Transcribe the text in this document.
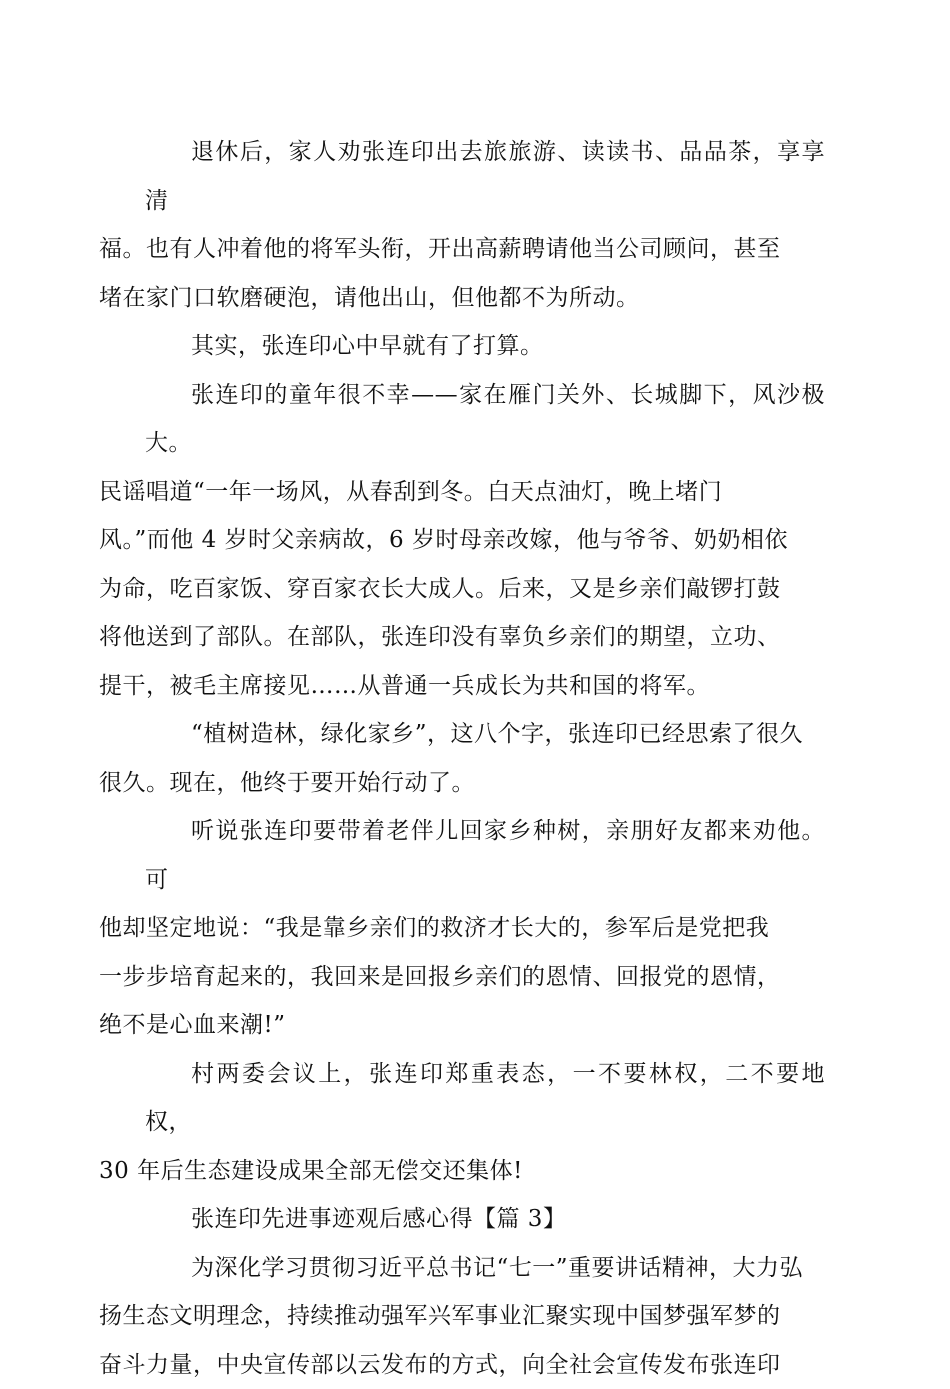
退休后，家人劝张连印出去旅旅游、读读书、品品茶，享享清
福。也有人冲着他的将军头衔，开出高薪聘请他当公司顾问，甚至
堵在家门口软磨硬泡，请他出山，但他都不为所动。

其实，张连印心中早就有了打算。

张连印的童年很不幸——家在雁门关外、长城脚下，风沙极大。
民谣唱道“一年一场风，从春刮到冬。白天点油灯，晚上堵门
风。”而他 4 岁时父亲病故，6 岁时母亲改嫁，他与爷爷、奶奶相依
为命，吃百家饭、穿百家衣长大成人。后来，又是乡亲们敲锣打鼓
将他送到了部队。在部队，张连印没有辜负乡亲们的期望，立功、
提干，被毛主席接见……从普通一兵成长为共和国的将军。

“植树造林，绿化家乡”，这八个字，张连印已经思索了很久
很久。现在，他终于要开始行动了。

听说张连印要带着老伴儿回家乡种树，亲朋好友都来劝他。可
他却坚定地说：“我是靠乡亲们的救济才长大的，参军后是党把我
一步步培育起来的，我回来是回报乡亲们的恩情、回报党的恩情，
绝不是心血来潮!”

村两委会议上，张连印郑重表态，一不要林权，二不要地权，
30 年后生态建设成果全部无偿交还集体!

张连印先进事迹观后感心得【篇 3】

为深化学习贯彻习近平总书记“七一”重要讲话精神，大力弘
扬生态文明理念，持续推动强军兴军事业汇聚实现中国梦强军梦的
奋斗力量，中央宣传部以云发布的方式，向全社会宣传发布张连印
